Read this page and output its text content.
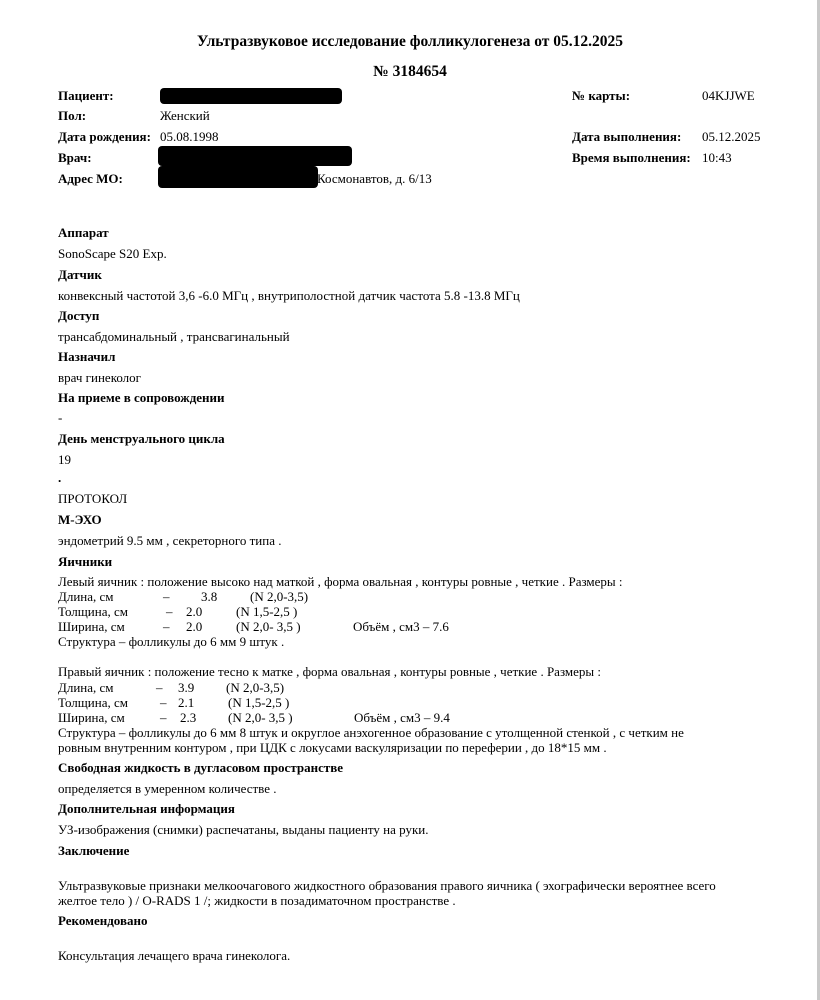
Ультразвуковое исследование фолликулогенеза от 05.12.2025
№ 3184654
Пациент:
Пол:	Женский
Дата рождения: 05.08.1998
Врач:
Адрес МО:	Космонавтов, д. 6/13
№ карты:	04KJJWE
Дата выполнения: 05.12.2025
Время выполнения: 10:43
Аппарат
SonoScape S20 Exp.
Датчик
конвексный частотой 3,6 -6.0 МГц , внутриполостной датчик частота 5.8 -13.8 МГц
Доступ
трансабдоминальный , трансвагинальный
Назначил
врач гинеколог
На приеме в сопровождении
-
День менструального цикла
19
.
ПРОТОКОЛ
М-ЭХО
эндометрий 9.5 мм , секреторного типа .
Яичники
Левый яичник : положение высоко над маткой , форма овальная , контуры ровные , четкие . Размеры :
Длина, см	– 3.8	(N 2,0-3,5)
Толщина, см	– 2.0	(N 1,5-2,5 )
Ширина, см	– 2.0	(N 2,0- 3,5 )	Объём , см3 – 7.6
Структура – фолликулы до 6 мм 9 штук .
Правый яичник : положение тесно к матке , форма овальная , контуры ровные , четкие . Размеры :
Длина, см	– 3.9 (N 2,0-3,5)
Толщина, см – 2.1	(N 1,5-2,5 )
Ширина, см	– 2.3 (N 2,0- 3,5 )	Объём , см3 – 9.4
Структура – фолликулы до 6 мм 8 штук и округлое анэхогенное образование с утолщенной стенкой , с четким не
ровным внутренним контуром , при ЦДК с локусами васкуляризации по переферии , до 18*15 мм .
Свободная жидкость в дугласовом пространстве
определяется в умеренном количестве .
Дополнительная информация
УЗ-изображения (снимки) распечатаны, выданы пациенту на руки.
Заключение
Ультразвуковые признаки мелкоочагового жидкостного образования правого яичника ( эхографически вероятнее всего
желтое тело ) / O-RADS 1 /; жидкости в позадиматочном пространстве .
Рекомендовано
Консультация лечащего врача гинеколога.
